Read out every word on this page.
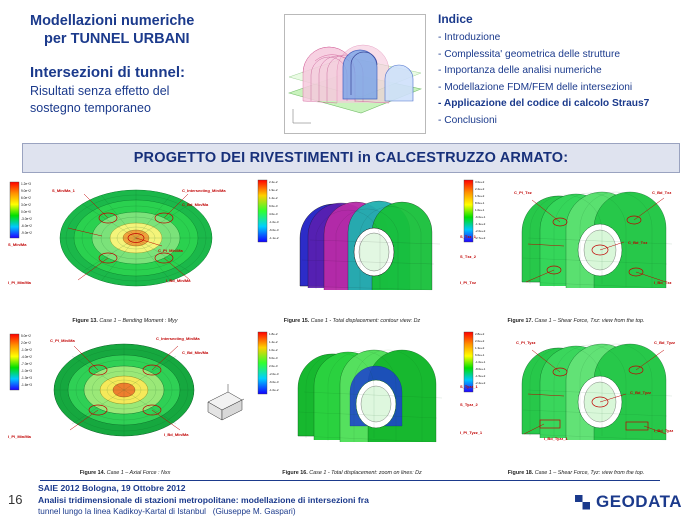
Modellazioni numeriche
per TUNNEL URBANI
Intersezioni di tunnel:
Risultati senza effetto del
sostegno temporaneo
Indice
- Introduzione
- Complessita' geometrica delle strutture
- Importanza delle analisi numeriche
- Modellazione FDM/FEM delle intersezioni
- Applicazione del codice di calcolo Straus7
- Conclusioni
PROGETTO DEI RIVESTIMENTI in CALCESTRUZZO ARMATO:
1.2e+3
9.0e+2
6.0e+2
3.0e+2
0.0e+0
-3.0e+2
-6.0e+2
-9.0e+2
S_Min/Ma_1	C_Intersecting_Min/Ma
C_Bd_Min/Ma
S_Min/Ma
C_Pl_Min/Ma
I_Pl_Min/Ma	I_Bd_Min/Ma
Figure 13. Case 1 – Bending Moment : Myy
2.4e-2
1.9e-2
1.4e-2
9.0e-3
4.0e-3
-1.0e-3
-6.0e-3
-1.1e-2
Figure 15. Case 1 - Total displacement: contour view: Dz
3.0e+2
2.2e+2
1.5e+2
8.0e+1
1.0e+1
-6.0e+1
-1.3e+2
-2.0e+2
-2.7e+2
C_Pl_Txz	C_Bd_Txz
S_Txz_1
S_Txz_2
C_Bd_Txz
I_Pl_Txz	I_Bd_Txz
Figure 17. Case 1 – Shear Force, Txz: view from the top.
5.0e+2
2.0e+2
-1.0e+2
-4.0e+2
-7.0e+2
-1.0e+3
-1.3e+3
-1.6e+3
C_Pl_Min/Ma	C_Intersecting_Min/Ma
C_Bd_Min/Ma
I_Pl_Min/Ma	I_Bd_Min/Ma
Figure 14. Case 1 – Axial Force : Nxx
1.8e-2
1.4e-2
1.0e-2
6.0e-3
2.0e-3
-2.0e-3
-6.0e-3
-1.0e-2
Figure 16. Case 1 - Total displacement: zoom on lines: Dz
2.8e+2
2.0e+2
1.3e+2
6.0e+1
-1.0e+1
-8.0e+1
-1.5e+2
-2.2e+2
C_Pl_Tyzz	C_Bd_Tyzz
S_Tyzz_1
S_Tyzz_2
C_Bd_Tyzz
I_Pl_Tyzz_1	I_Bd_Tyzz
I_Bd_Tyzz_1
Figure 18. Case 1 – Shear Force, Tyz: view from the top.
16
SAIE 2012 Bologna, 19 Ottobre 2012
Analisi tridimensionale di stazioni metropolitane: modellazione di intersezioni fra
tunnel lungo la linea Kadikoy-Kartal di Istanbul (Giuseppe M. Gaspari)
GEODATA
